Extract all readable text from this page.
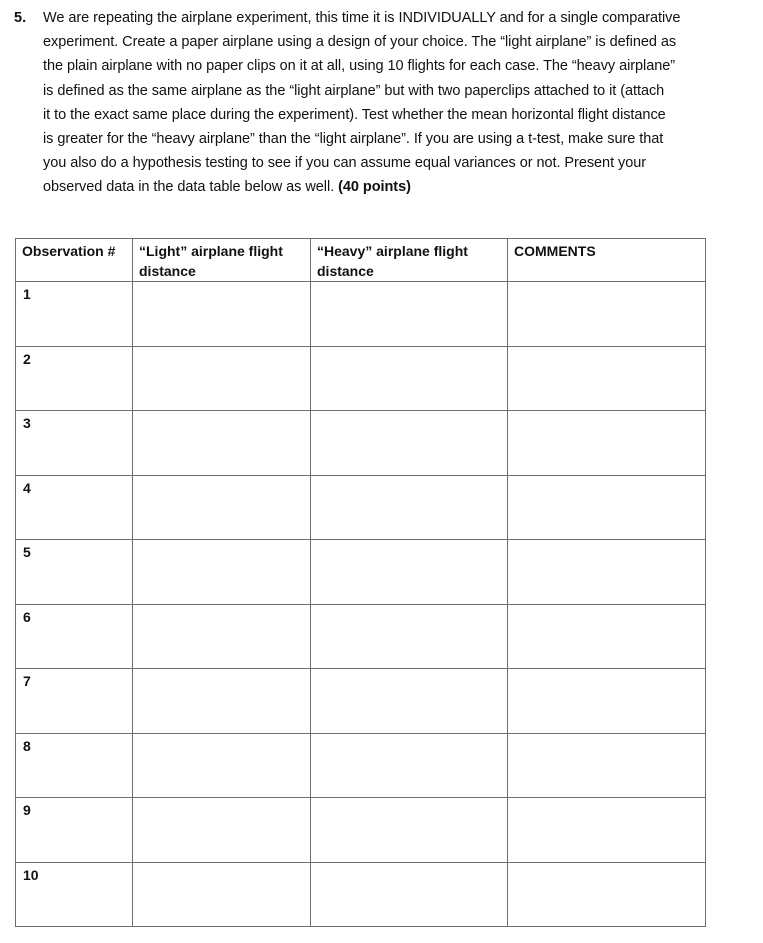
5. We are repeating the airplane experiment, this time it is INDIVIDUALLY and for a single comparative
experiment. Create a paper airplane using a design of your choice. The “light airplane” is defined as
the plain airplane with no paper clips on it at all, using 10 flights for each case. The “heavy airplane”
is defined as the same airplane as the “light airplane” but with two paperclips attached to it (attach
it to the exact same place during the experiment). Test whether the mean horizontal flight distance
is greater for the “heavy airplane” than the “light airplane”. If you are using a t-test, make sure that
you also do a hypothesis testing to see if you can assume equal variances or not. Present your
observed data in the data table below as well. (40 points)
Observation #	“Light” airplane flight distance	“Heavy” airplane flight distance	COMMENTS
1			
2			
3			
4			
5			
6			
7			
8			
9			
10			
